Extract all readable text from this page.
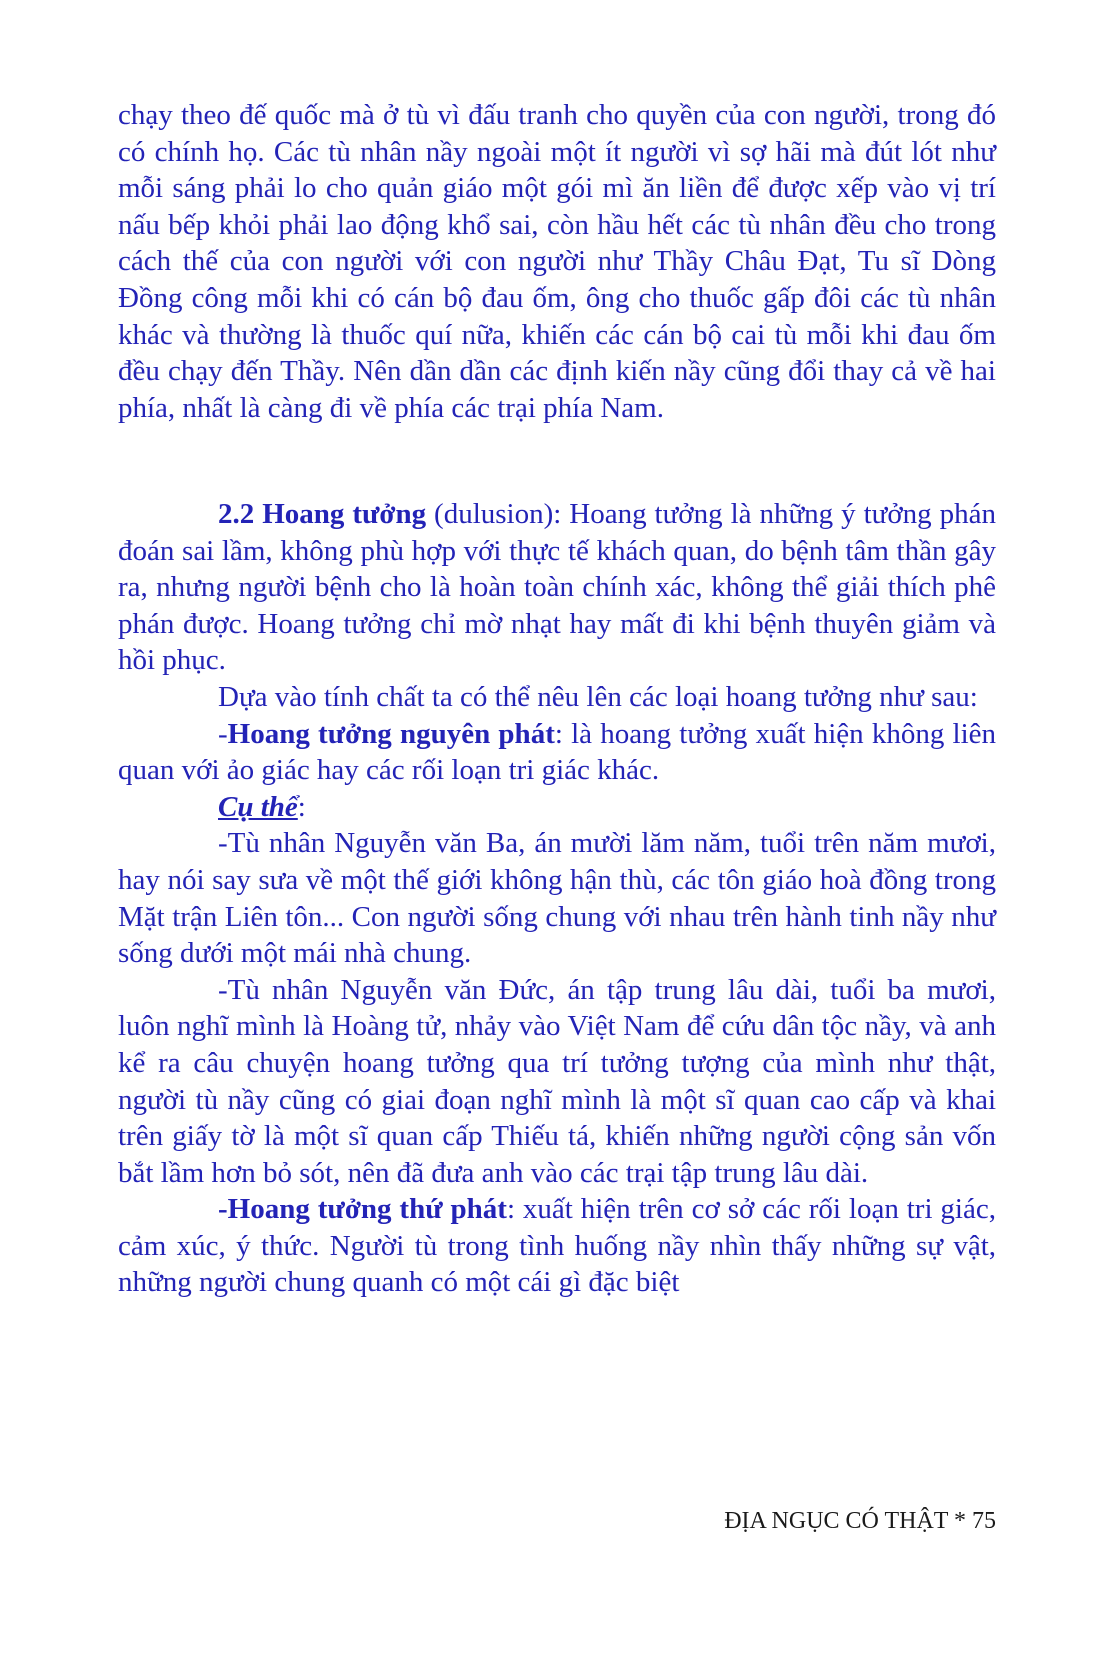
chạy theo đế quốc mà ở tù vì đấu tranh cho quyền của con người, trong đó có chính họ. Các tù nhân nầy ngoài một ít người vì sợ hãi mà đút lót như mỗi sáng phải lo cho quản giáo một gói mì ăn liền để được xếp vào vị trí nấu bếp khỏi phải lao động khổ sai, còn hầu hết các tù nhân đều cho trong cách thế của con người với con người như Thầy Châu Đạt, Tu sĩ Dòng Đồng công mỗi khi có cán bộ đau ốm, ông cho thuốc gấp đôi các tù nhân khác và thường là thuốc quí nữa, khiến các cán bộ cai tù mỗi khi đau ốm đều chạy đến Thầy. Nên dần dần các định kiến nầy cũng đổi thay cả về hai phía, nhất là càng đi về phía các trại phía Nam.

2.2 Hoang tưởng (dulusion): Hoang tưởng là những ý tưởng phán đoán sai lầm, không phù hợp với thực tế khách quan, do bệnh tâm thần gây ra, nhưng người bệnh cho là hoàn toàn chính xác, không thể giải thích phê phán được. Hoang tưởng chỉ mờ nhạt hay mất đi khi bệnh thuyên giảm và hồi phục.

Dựa vào tính chất ta có thể nêu lên các loại hoang tưởng như sau:

-Hoang tưởng nguyên phát: là hoang tưởng xuất hiện không liên quan với ảo giác hay các rối loạn tri giác khác.

Cụ thể:

-Tù nhân Nguyễn văn Ba, án mười lăm năm, tuổi trên năm mươi, hay nói say sưa về một thế giới không hận thù, các tôn giáo hoà đồng trong Mặt trận Liên tôn... Con người sống chung với nhau trên hành tinh nầy như sống dưới một mái nhà chung.

-Tù nhân Nguyễn văn Đức, án tập trung lâu dài, tuổi ba mươi, luôn nghĩ mình là Hoàng tử, nhảy vào Việt Nam để cứu dân tộc nầy, và anh kể ra câu chuyện hoang tưởng qua trí tưởng tượng của mình như thật, người tù nầy cũng có giai đoạn nghĩ mình là một sĩ quan cao cấp và khai trên giấy tờ là một sĩ quan cấp Thiếu tá, khiến những người cộng sản vốn bắt lầm hơn bỏ sót, nên đã đưa anh vào các trại tập trung lâu dài.

-Hoang tưởng thứ phát: xuất hiện trên cơ sở các rối loạn tri giác, cảm xúc, ý thức. Người tù trong tình huống nầy nhìn thấy những sự vật, những người chung quanh có một cái gì đặc biệt

ĐỊA NGỤC CÓ THẬT * 75
